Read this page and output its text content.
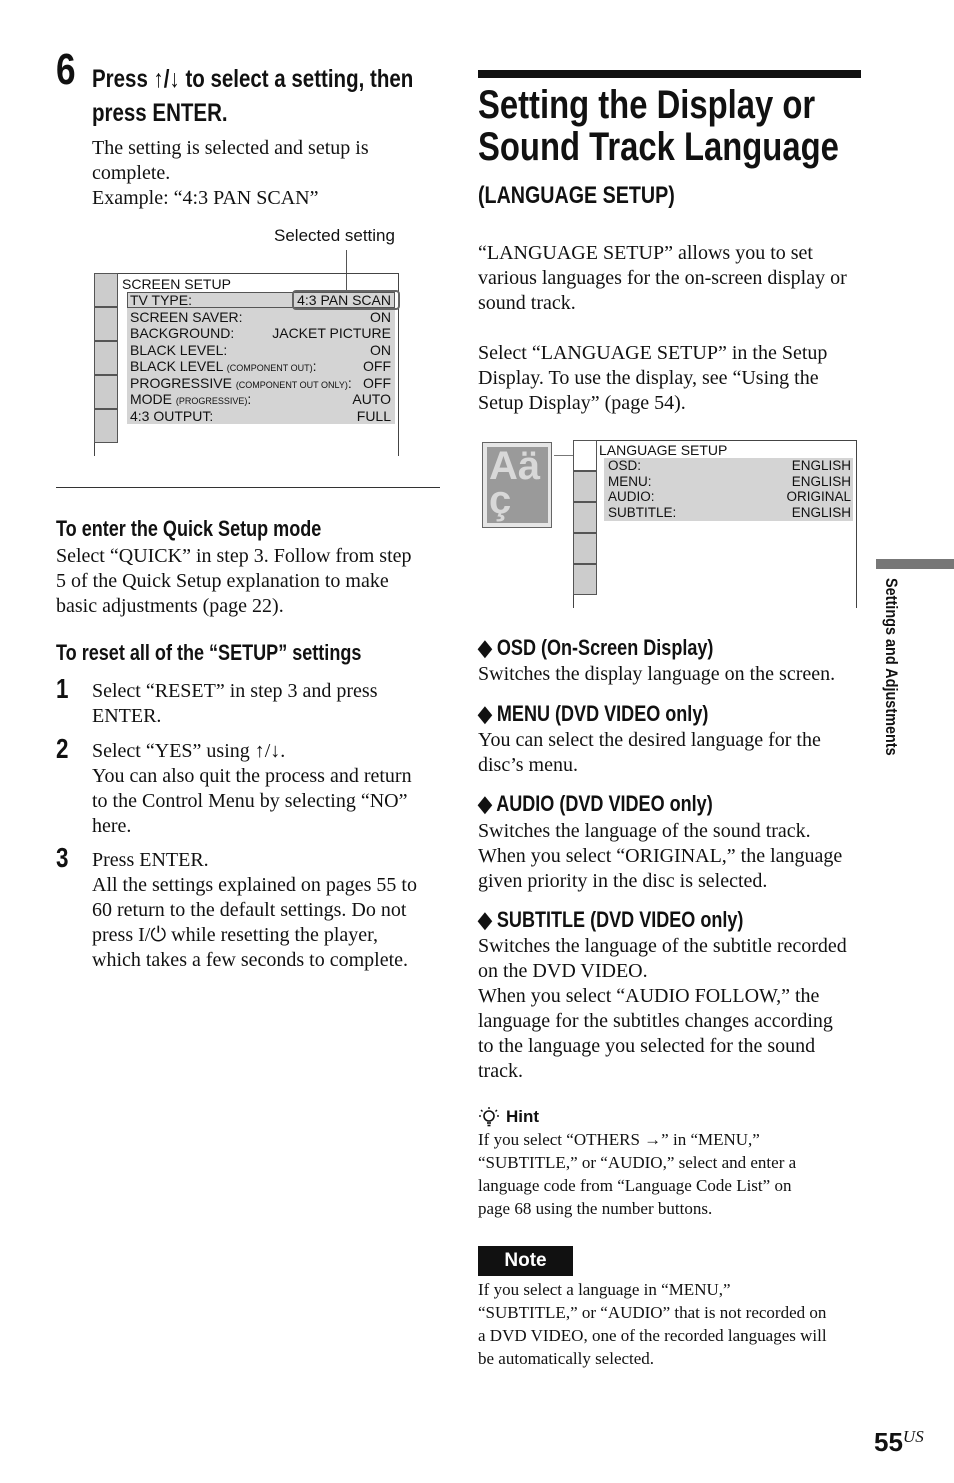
6 Press ↑/↓ to select a setting, then
press ENTER.
The setting is selected and setup is
complete.
Example: “4:3 PAN SCAN”
Selected setting
SCREEN SETUP
TV TYPE:	4:3 PAN SCAN
SCREEN SAVER:	ON
BACKGROUND:	JACKET PICTURE
BLACK LEVEL:	ON
BLACK LEVEL (COMPONENT OUT):	OFF
PROGRESSIVE (COMPONENT OUT ONLY): OFF
MODE (PROGRESSIVE):	AUTO
4:3 OUTPUT:	FULL
To enter the Quick Setup mode
Select “QUICK” in step 3. Follow from step
5 of the Quick Setup explanation to make
basic adjustments (page 22).
To reset all of the “SETUP” settings
1 Select “RESET” in step 3 and press
ENTER.
2 Select “YES” using ↑/↓.
You can also quit the process and return
to the Control Menu by selecting “NO”
here.
3 Press ENTER.
All the settings explained on pages 55 to
60 return to the default settings. Do not
press I/⏻ while resetting the player,
which takes a few seconds to complete.
Setting the Display or
Sound Track Language
(LANGUAGE SETUP)
“LANGUAGE SETUP” allows you to set
various languages for the on-screen display or
sound track.
Select “LANGUAGE SETUP” in the Setup
Display. To use the display, see “Using the
Setup Display” (page 54).
Aä ç
LANGUAGE SETUP
OSD:	ENGLISH
MENU:	ENGLISH
AUDIO:	ORIGINAL
SUBTITLE:	ENGLISH
◆ OSD (On-Screen Display)
Switches the display language on the screen.
◆ MENU (DVD VIDEO only)
You can select the desired language for the
disc’s menu.
◆ AUDIO (DVD VIDEO only)
Switches the language of the sound track.
When you select “ORIGINAL,” the language
given priority in the disc is selected.
◆ SUBTITLE (DVD VIDEO only)
Switches the language of the subtitle recorded
on the DVD VIDEO.
When you select “AUDIO FOLLOW,” the
language for the subtitles changes according
to the language you selected for the sound
track.
Hint
If you select “OTHERS →” in “MENU,”
“SUBTITLE,” or “AUDIO,” select and enter a
language code from “Language Code List” on
page 68 using the number buttons.
Note
If you select a language in “MENU,”
“SUBTITLE,” or “AUDIO” that is not recorded on
a DVD VIDEO, one of the recorded languages will
be automatically selected.
Settings and Adjustments
55US
